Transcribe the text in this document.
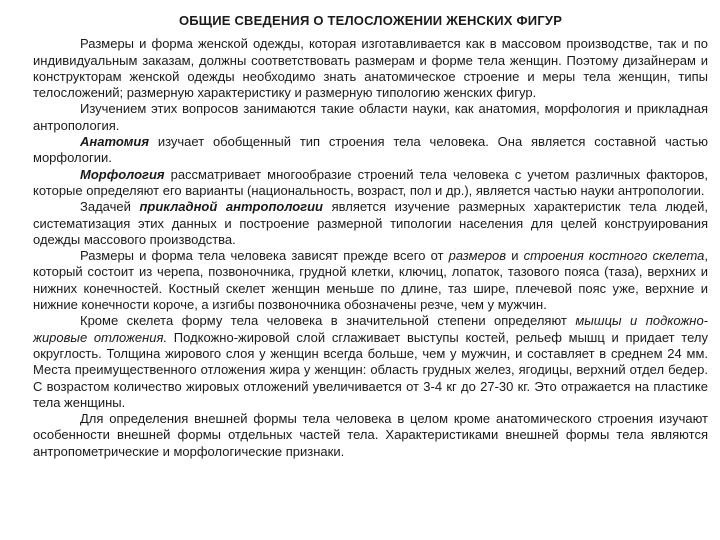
ОБЩИЕ СВЕДЕНИЯ О ТЕЛОСЛОЖЕНИИ ЖЕНСКИХ ФИГУР

Размеры и форма женской одежды, которая изготавливается как в массовом производстве, так и по индивидуальным заказам, должны соответствовать размерам и форме тела женщин. Поэтому дизайнерам и конструкторам женской одежды необходимо знать анатомическое строение и меры тела женщин, типы телосложений; размерную характеристику и размерную типологию женских фигур.

Изучением этих вопросов занимаются такие области науки, как анатомия, морфология и прикладная антропология.

Анатомия изучает обобщенный тип строения тела человека. Она является составной частью морфологии.

Морфология рассматривает многообразие строений тела человека с учетом различных факторов, которые определяют его варианты (национальность, возраст, пол и др.), является частью науки антропологии.

Задачей прикладной антропологии является изучение размерных характеристик тела людей, систематизация этих данных и построение размерной типологии населения для целей конструирования одежды массового производства.

Размеры и форма тела человека зависят прежде всего от размеров и строения костного скелета, который состоит из черепа, позвоночника, грудной клетки, ключиц, лопаток, тазового пояса (таза), верхних и нижних конечностей. Костный скелет женщин меньше по длине, таз шире, плечевой пояс уже, верхние и нижние конечности короче, а изгибы позвоночника обозначены резче, чем у мужчин.

Кроме скелета форму тела человека в значительной степени определяют мышцы и подкожно-жировые отложения. Подкожно-жировой слой сглаживает выступы костей, рельеф мышц и придает телу округлость. Толщина жирового слоя у женщин всегда больше, чем у мужчин, и составляет в среднем 24 мм. Места преимущественного отложения жира у женщин: область грудных желез, ягодицы, верхний отдел бедер. С возрастом количество жировых отложений увеличивается от 3-4 кг до 27-30 кг. Это отражается на пластике тела женщины.

Для определения внешней формы тела человека в целом кроме анатомического строения изучают особенности внешней формы отдельных частей тела. Характеристиками внешней формы тела являются антропометрические и морфологические признаки.
